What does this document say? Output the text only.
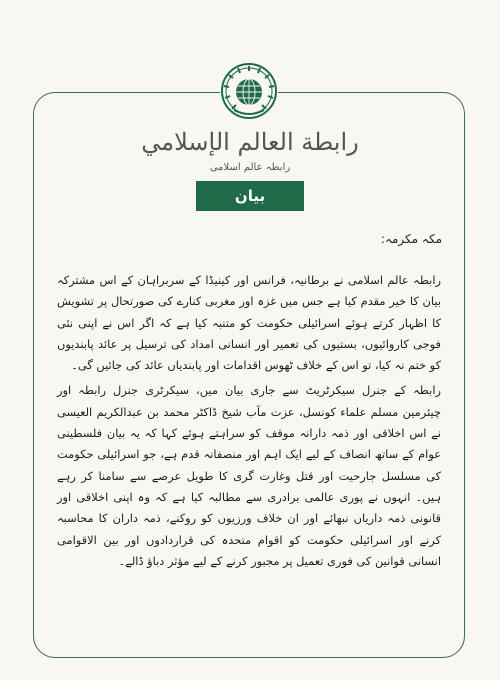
رابطة العالم الإسلامي
رابطہ عالم اسلامی
بیان
مکہ مکرمہ:

رابطہ عالم اسلامی نے برطانیہ، فرانس اور کینیڈا کے سربراہان کے اس مشترکہ بیان کا خیر مقدم کیا ہے جس میں غزہ اور مغربی کنارے کی صورتحال پر تشویش کا اظہار کرتے ہوئے اسرائیلی حکومت کو متنبہ کیا ہے کہ اگر اس نے اپنی نئی فوجی کاروائیوں، بستیوں کی تعمیر اور انسانی امداد کی ترسیل پر عائد پابندیوں کو ختم نہ کیا، تو اس کے خلاف ٹھوس اقدامات اور پابندیاں عائد کی جائیں گی۔

رابطہ کے جنرل سیکرٹریٹ سے جاری بیان میں، سیکرٹری جنرل رابطہ اور چیئرمین مسلم علماء کونسل، عزت مآب شیخ ڈاکٹر محمد بن عبدالکریم العیسی نے اس اخلاقی اور ذمہ دارانہ موقف کو سراہتے ہوئے کہا کہ یہ بیان فلسطینی عوام کے ساتھ انصاف کے لیے ایک اہم اور منصفانہ قدم ہے، جو اسرائیلی حکومت کی مسلسل جارحیت اور قتل وغارت گری کا طویل عرصے سے سامنا کر رہے ہیں۔ انہوں نے پوری عالمی برادری سے مطالبہ کیا ہے کہ وہ اپنی اخلاقی اور قانونی ذمہ داریاں نبھائے اور ان خلاف ورزیوں کو روکنے، ذمہ داران کا محاسبہ کرنے اور اسرائیلی حکومت کو اقوام متحدہ کی قراردادوں اور بین الاقوامی انسانی قوانین کی فوری تعمیل پر مجبور کرنے کے لیے مؤثر دباؤ ڈالے۔
